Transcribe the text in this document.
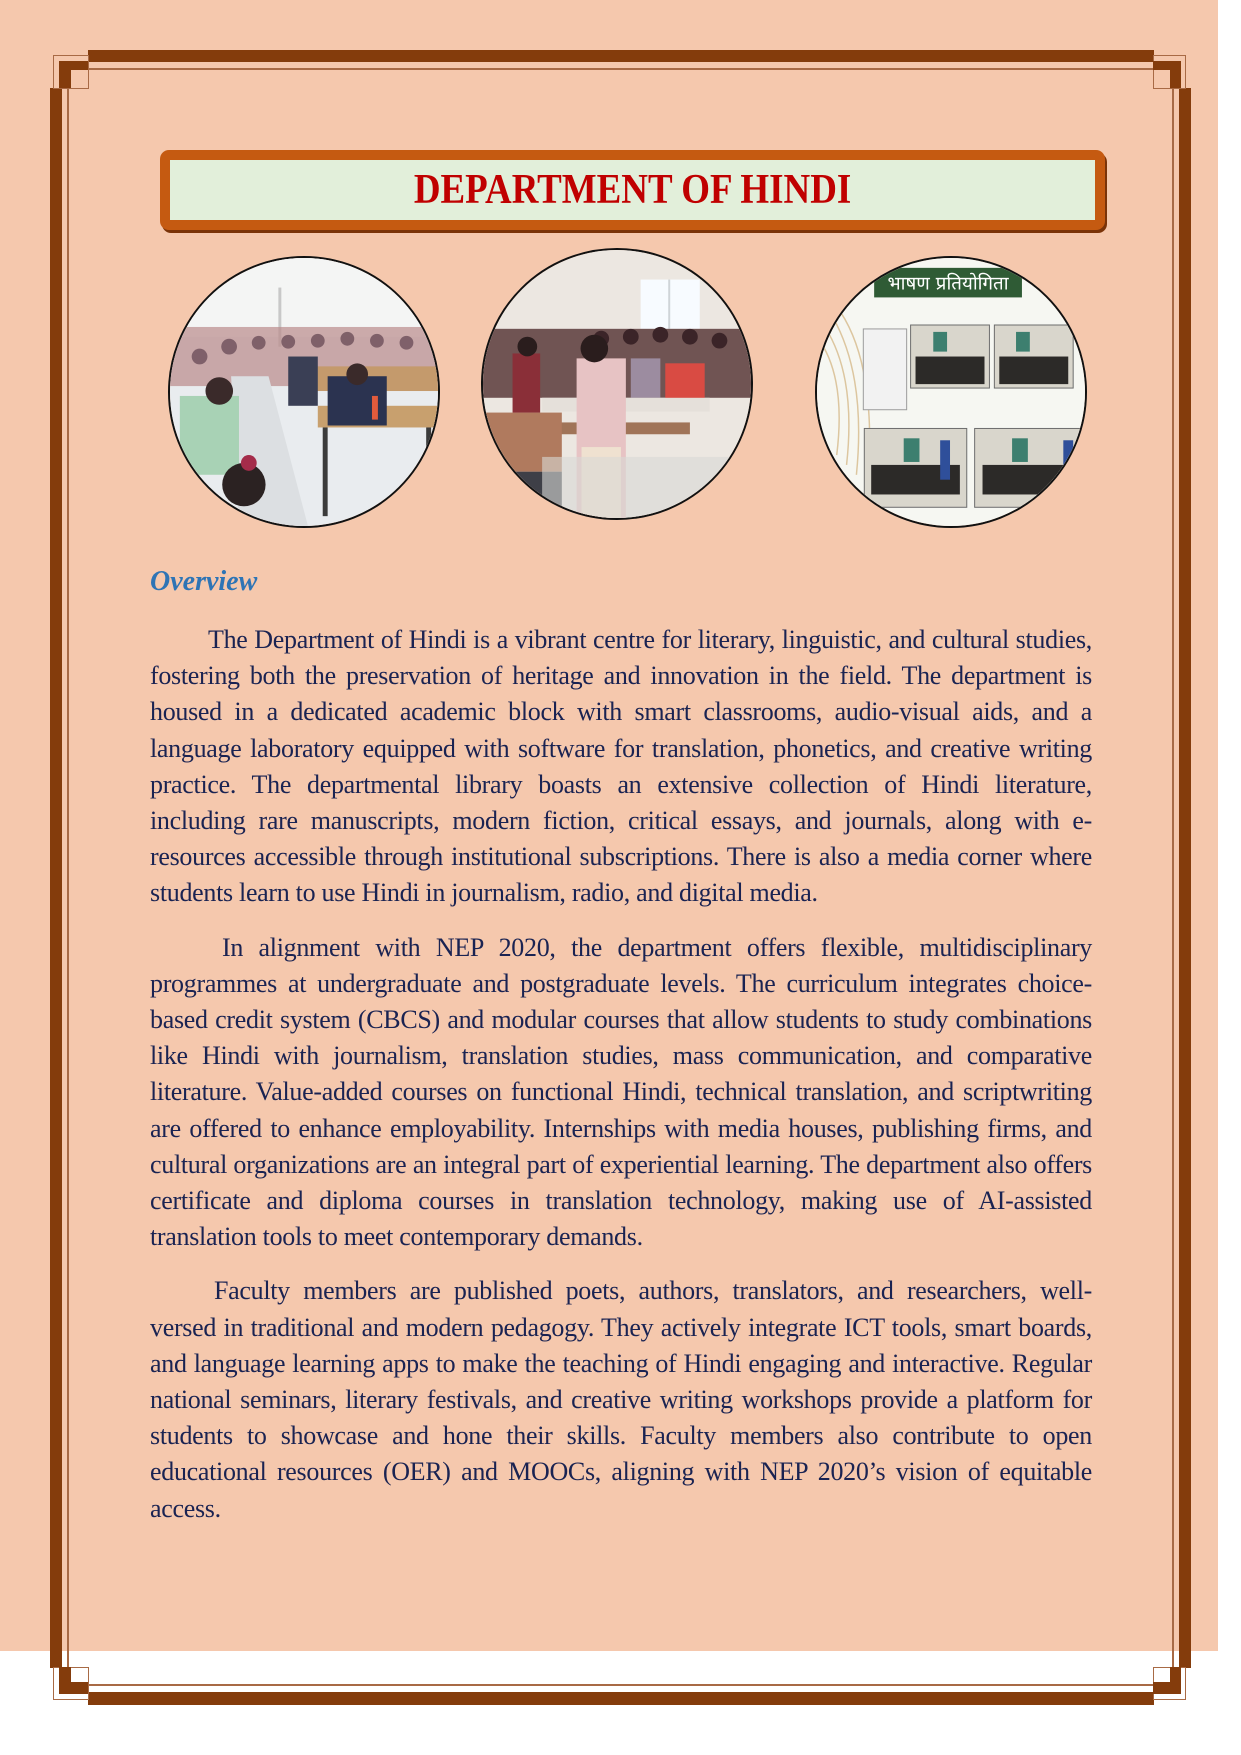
DEPARTMENT OF HINDI
भाषण प्रतियोगिता
Overview

The Department of Hindi is a vibrant centre for literary, linguistic, and cultural studies, fostering both the preservation of heritage and innovation in the field. The department is housed in a dedicated academic block with smart classrooms, audio-visual aids, and a language laboratory equipped with software for translation, phonetics, and creative writing practice. The departmental library boasts an extensive collection of Hindi literature, including rare manuscripts, modern fiction, critical essays, and journals, along with e-resources accessible through institutional subscriptions. There is also a media corner where students learn to use Hindi in journalism, radio, and digital media.

In alignment with NEP 2020, the department offers flexible, multidisciplinary programmes at undergraduate and postgraduate levels. The curriculum integrates choice-based credit system (CBCS) and modular courses that allow students to study combinations like Hindi with journalism, translation studies, mass communication, and comparative literature. Value-added courses on functional Hindi, technical translation, and scriptwriting are offered to enhance employability. Internships with media houses, publishing firms, and cultural organizations are an integral part of experiential learning. The department also offers certificate and diploma courses in translation technology, making use of AI-assisted translation tools to meet contemporary demands.

Faculty members are published poets, authors, translators, and researchers, well-versed in traditional and modern pedagogy. They actively integrate ICT tools, smart boards, and language learning apps to make the teaching of Hindi engaging and interactive. Regular national seminars, literary festivals, and creative writing workshops provide a platform for students to showcase and hone their skills. Faculty members also contribute to open educational resources (OER) and MOOCs, aligning with NEP 2020’s vision of equitable access.
